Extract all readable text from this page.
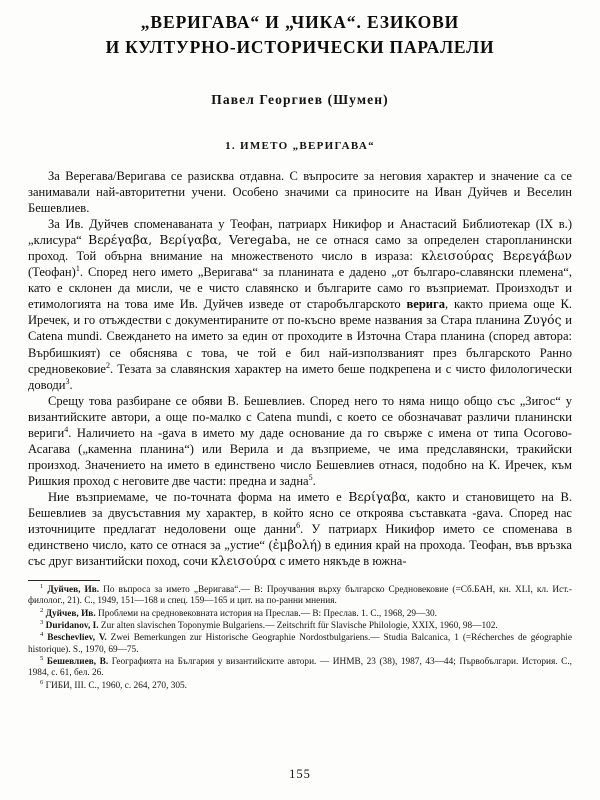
„ВЕРИГАВА“ И „ЧИКА“. ЕЗИКОВИ
И КУЛТУРНО-ИСТОРИЧЕСКИ ПАРАЛЕЛИ
Павел Георгиев (Шумен)
1. ИМЕТО „ВЕРИГАВА“

За Верегава/Веригава се разисква отдавна. С въпросите за неговия характер и значение са се занимавали най-авторитетни учени. Особено значими са приносите на Иван Дуйчев и Веселин Бешевлиев.

За Ив. Дуйчев споменаваната у Теофан, патриарх Никифор и Анастасий Библиотекар (IX в.) „клисура“ Βερέγαβα, Βερίγαβα, Veregaba, не се отнася само за определен старопланински проход. Той обърна внимание на множественото число в израза: κλεισούρας Βερεγάβων (Теофан)$^1$. Според него името „Веригава“ за планината е дадено „от българо-славянски племена“, като е склонен да мисли, че е чисто славянско и българите само го възприемат. Произходът и етимологията на това име Ив. Дуйчев изведе от старобългарското верига, както приема още К. Иречек, и го отъждестви с документираните от по-късно време названия за Стара планина Ζυγός и Catena mundi. Свеждането на името за един от проходите в Източна Стара планина (според автора: Върбишкият) се обяснява с това, че той е бил най-използваният през българското Ранно средновековие$^2$. Тезата за славянския характер на името беше подкрепена и с чисто филологически доводи$^3$.

Срещу това разбиране се обяви В. Бешевлиев. Според него то няма нищо общо със „Зигос“ у византийските автори, а още по-малко с Catena mundi, с което се обозначават различи планински вериги$^4$. Наличието на -gava в името му даде основание да го свърже с имена от типа Осогово-Асагава („каменна планина“) или Верила и да възприеме, че има предславянски, тракийски произход. Значението на името в единствено число Бешевлиев отнася, подобно на К. Иречек, към Ришкия проход с неговите две части: предна и задна$^5$.

Ние възприемаме, че по-точната форма на името е Βερίγαβα, както и становището на В. Бешевлиев за двусъставния му характер, в който ясно се откроява съставката -gava. Според нас източниците предлагат недоловени още данни$^6$. У патриарх Никифор името се споменава в единствено число, като се отнася за „устие“ (ἐμβολή) в единия край на прохода. Теофан, във връзка със друг византийски поход, сочи κλεισούρα с името някъде в южна-

$^1$ Дуйчев, Ив. По въпроса за името „Веригава“.— В: Проучвания върху българско Средновековие (=Сб.БАН, кн. XLI, кл. Ист.-филолог., 21). С., 1949, 151—168 и спец. 159—165 и цит. на по-ранни мнения.

$^2$ Дуйчев, Ив. Проблеми на средновековната история на Преслав.— В: Преслав. 1. С., 1968, 29—30.

$^3$ Duridanov, I. Zur alten slavischen Toponymie Bulgariens.— Zeitschrift für Slavische Philologie, XXIX, 1960, 98—102.

$^4$ Beschevliev, V. Zwei Bemerkungen zur Historische Geographie Nordostbulgariens.— Studia Balcanica, 1 (=Récherches de géographie historique). S., 1970, 69—75.

$^5$ Бешевлиев, В. Географията на България у византийските автори. — ИНМВ, 23 (38), 1987, 43—44; Първобългари. История. С., 1984, с. 61, бел. 26.

$^6$ ГИБИ, III. С., 1960, с. 264, 270, 305.

155
